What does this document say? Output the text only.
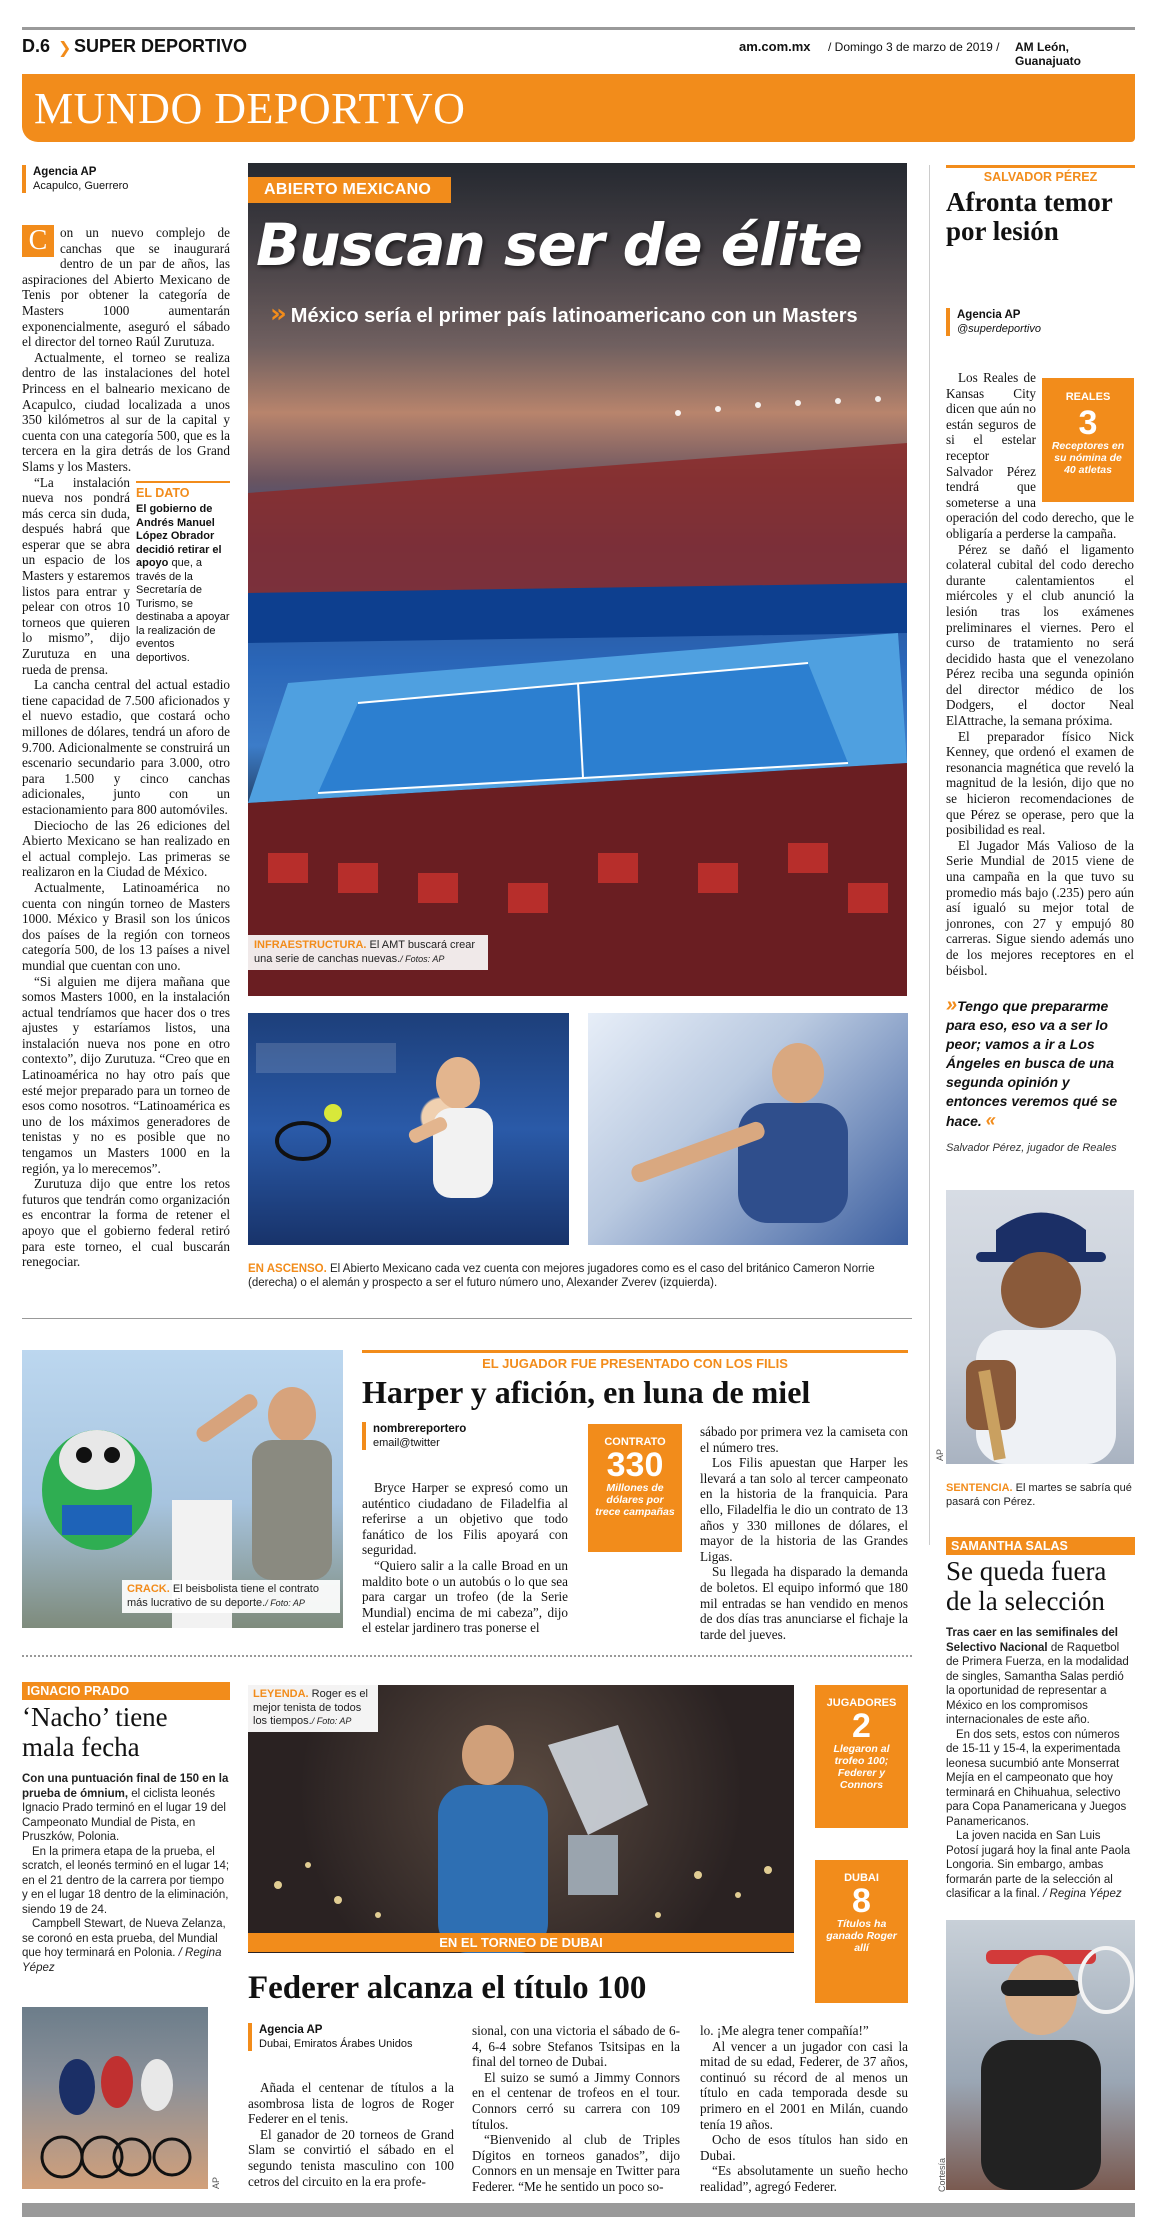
D.6 ❯ SUPER DEPORTIVO	am.com.mx / Domingo 3 de marzo de 2019 / AM León, Guanajuato
MUNDO DEPORTIVO
Agencia AP
Acapulco, Guerrero
C on un nuevo complejo de canchas que se inaugurará dentro de un par de años, las aspiraciones del Abierto Mexicano de Tenis por obtener la categoría de Masters 1000 aumentarán exponencialmente, aseguró el sábado el director del torneo Raúl Zurutuza.

Actualmente, el torneo se realiza dentro de las instalaciones del hotel Princess en el balneario mexicano de Acapulco, ciudad localizada a unos 350 kilómetros al sur de la capital y cuenta con una categoría 500, que es la tercera en la gira detrás de los Grand Slams y los Masters.

EL DATO
El gobierno de Andrés Manuel López Obrador decidió retirar el apoyo que, a través de la Secretaría de Turismo, se destinaba a apoyar la realización de eventos deportivos.

“La instalación nueva nos pondrá más cerca sin duda, después habrá que esperar que se abra un espacio de los Masters y estaremos listos para entrar y pelear con otros 10 torneos que quieren lo mismo”, dijo Zurutuza en una rueda de prensa.

La cancha central del actual estadio tiene capacidad de 7.500 aficionados y el nuevo estadio, que costará ocho millones de dólares, tendrá un aforo de 9.700. Adicionalmente se construirá un escenario secundario para 3.000, otro para 1.500 y cinco canchas adicionales, junto con un estacionamiento para 800 automóviles.

Dieciocho de las 26 ediciones del Abierto Mexicano se han realizado en el actual complejo. Las primeras se realizaron en la Ciudad de México.

Actualmente, Latinoamérica no cuenta con ningún torneo de Masters 1000. México y Brasil son los únicos dos países de la región con torneos categoría 500, de los 13 países a nivel mundial que cuentan con uno.

“Si alguien me dijera mañana que somos Masters 1000, en la instalación actual tendríamos que hacer dos o tres ajustes y estaríamos listos, una instalación nueva nos pone en otro contexto”, dijo Zurutuza. “Creo que en Latinoamérica no hay otro país que esté mejor preparado para un torneo de esos como nosotros. “Latinoamérica es uno de los máximos generadores de tenistas y no es posible que no tengamos un Masters 1000 en la región, ya lo merecemos”.

Zurutuza dijo que entre los retos futuros que tendrán como organización es encontrar la forma de retener el apoyo que el gobierno federal retiró para este torneo, el cual buscarán renegociar.

ABIERTO MEXICANO
Buscan ser de élite
» México sería el primer país latinoamericano con un Masters
INFRAESTRUCTURA. El AMT buscará crear una serie de canchas nuevas./ Fotos: AP
EN ASCENSO. El Abierto Mexicano cada vez cuenta con mejores jugadores como es el caso del británico Cameron Norrie (derecha) o el alemán y prospecto a ser el futuro número uno, Alexander Zverev (izquierda).
SALVADOR PÉREZ
Afronta temor por lesión
Agencia AP
@superdeportivo
REALES
3
Receptores en su nómina de 40 atletas

Los Reales de Kansas City dicen que aún no están seguros de si el estelar receptor Salvador Pérez tendrá que someterse a una operación del codo derecho, que le obligaría a perderse la campaña.

Pérez se dañó el ligamento colateral cubital del codo derecho durante calentamientos el miércoles y el club anunció la lesión tras los exámenes preliminares el viernes. Pero el curso de tratamiento no será decidido hasta que el venezolano Pérez reciba una segunda opinión del director médico de los Dodgers, el doctor Neal ElAttrache, la semana próxima.

El preparador físico Nick Kenney, que ordenó el examen de resonancia magnética que reveló la magnitud de la lesión, dijo que no se hicieron recomendaciones de que Pérez se operase, pero que la posibilidad es real.

El Jugador Más Valioso de la Serie Mundial de 2015 viene de una campaña en la que tuvo su promedio más bajo (.235) pero aún así igualó su mejor total de jonrones, con 27 y empujó 80 carreras. Sigue siendo además uno de los mejores receptores en el béisbol.

»Tengo que prepararme para eso, eso va a ser lo peor; vamos a ir a Los Ángeles en busca de una segunda opinión y entonces veremos qué se hace. «
Salvador Pérez, jugador de Reales
AP
SENTENCIA. El martes se sabría qué pasará con Pérez.
CRACK. El beisbolista tiene el contrato más lucrativo de su deporte./ Foto: AP
EL JUGADOR FUE PRESENTADO CON LOS FILIS
Harper y afición, en luna de miel
nombrereportero
email@twitter	CONTRATO
330
Millones de dólares por trece campañas

Bryce Harper se expresó como un auténtico ciudadano de Filadelfia al referirse a un objetivo que todo fanático de los Filis apoyará con seguridad.

“Quiero salir a la calle Broad en un maldito bote o un autobús o lo que sea para cargar un trofeo (de la Serie Mundial) encima de mi cabeza”, dijo el estelar jardinero tras ponerse el

sábado por primera vez la camiseta con el número tres.

Los Filis apuestan que Harper les llevará a tan solo al tercer campeonato en la historia de la franquicia. Para ello, Filadelfia le dio un contrato de 13 años y 330 millones de dólares, el mayor de la historia de las Grandes Ligas.

Su llegada ha disparado la demanda de boletos. El equipo informó que 180 mil entradas se han vendido en menos de dos días tras anunciarse el fichaje la tarde del jueves.

IGNACIO PRADO
‘Nacho’ tiene mala fecha

Con una puntuación final de 150 en la prueba de ómnium, el ciclista leonés Ignacio Prado terminó en el lugar 19 del Campeonato Mundial de Pista, en Pruszków, Polonia.

En la primera etapa de la prueba, el scratch, el leonés terminó en el lugar 14; en el 21 dentro de la carrera por tiempo y en el lugar 18 dentro de la eliminación, siendo 19 de 24.

Campbell Stewart, de Nueva Zelanza, se coronó en esta prueba, del Mundial que hoy terminará en Polonia. / Regina Yépez

AP
LEYENDA. Roger es el mejor tenista de todos los tiempos./ Foto: AP
EN EL TORNEO DE DUBAI
Federer alcanza el título 100
Agencia AP
Dubai, Emiratos Árabes Unidos

Añada el centenar de títulos a la asombrosa lista de logros de Roger Federer en el tenis.

El ganador de 20 torneos de Grand Slam se convirtió el sábado en el segundo tenista masculino con 100 cetros del circuito en la era profe-

sional, con una victoria el sábado de 6-4, 6-4 sobre Stefanos Tsitsipas en la final del torneo de Dubai.

El suizo se sumó a Jimmy Connors en el centenar de trofeos en el tour. Connors cerró su carrera con 109 títulos.

“Bienvenido al club de Triples Dígitos en torneos ganados”, dijo Connors en un mensaje en Twitter para Federer. “Me he sentido un poco so-

lo. ¡Me alegra tener compañía!”

Al vencer a un jugador con casi la mitad de su edad, Federer, de 37 años, continuó su récord de al menos un título en cada temporada desde su primero en el 2001 en Milán, cuando tenía 19 años.

Ocho de esos títulos han sido en Dubai.

“Es absolutamente un sueño hecho realidad”, agregó Federer.

JUGADORES
2
Llegaron al trofeo 100; Federer y Connors
DUBAI
8
Títulos ha ganado Roger allí
SAMANTHA SALAS
Se queda fuera de la selección

Tras caer en las semifinales del Selectivo Nacional de Raquetbol de Primera Fuerza, en la modalidad de singles, Samantha Salas perdió la oportunidad de representar a México en los compromisos internacionales de este año.

En dos sets, estos con números de 15-11 y 15-4, la experimentada leonesa sucumbió ante Monserrat Mejía en el campeonato que hoy terminará en Chihuahua, selectivo para Copa Panamericana y Juegos Panamericanos.

La joven nacida en San Luis Potosí jugará hoy la final ante Paola Longoria. Sin embargo, ambas formarán parte de la selección al clasificar a la final. / Regina Yépez

Cortesía
